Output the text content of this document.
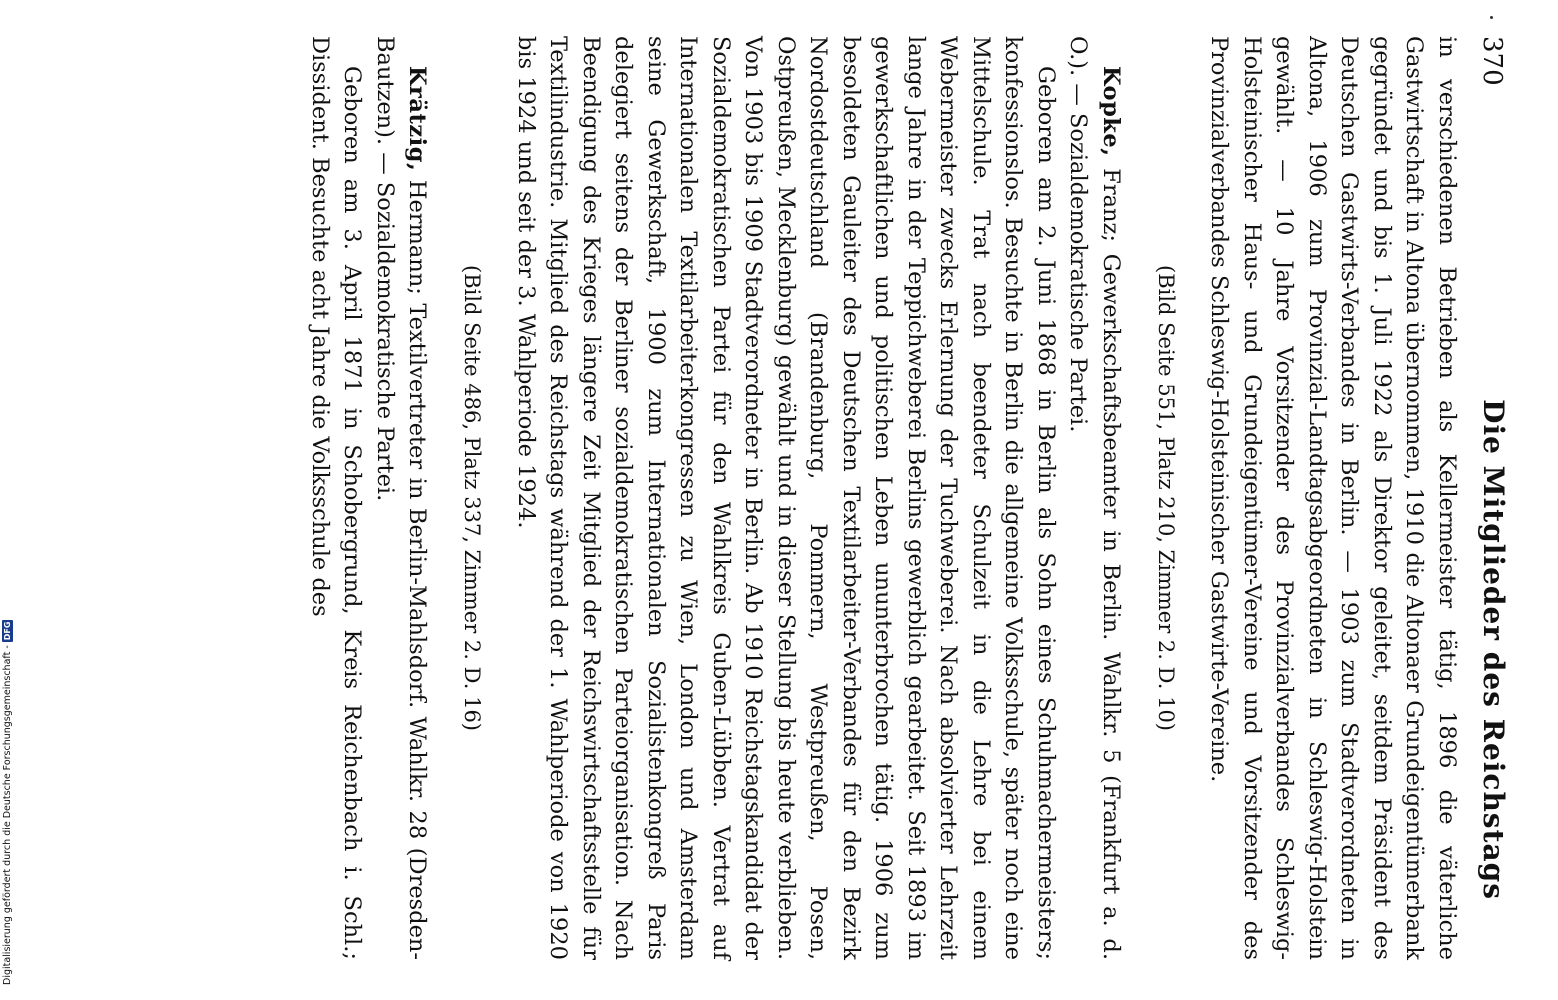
370
Die Mitglieder des Reichstags

in verschiedenen Betrieben als Kellermeister tätig, 1896 die väterliche Gastwirtschaft in Altona übernommen, 1910 die Altonaer Grundeigentümerbank gegründet und bis 1. Juli 1922 als Direktor geleitet, seitdem Präsident des Deutschen Gastwirts-Verbandes in Berlin. — 1903 zum Stadtverordneten in Altona, 1906 zum Provinzial-Landtagsabgeordneten in Schleswig-Holstein gewählt. — 10 Jahre Vorsitzender des Provinzialverbandes Schleswig-Holsteinischer Haus- und Grundeigentümer-Vereine und Vorsitzender des Provinzialverbandes Schleswig-Holsteinischer Gastwirte-Vereine.

(Bild Seite 551, Platz 210, Zimmer 2. D. 10)

Kopke, Franz; Gewerkschaftsbeamter in Berlin. Wahlkr. 5 (Frankfurt a. d. O.). — Sozialdemokratische Partei.

Geboren am 2. Juni 1868 in Berlin als Sohn eines Schuhmachermeisters; konfessionslos. Besuchte in Berlin die allgemeine Volksschule, später noch eine Mittelschule. Trat nach beendeter Schulzeit in die Lehre bei einem Webermeister zwecks Erlernung der Tuchweberei. Nach absolvierter Lehrzeit lange Jahre in der Teppichweberei Berlins gewerblich gearbeitet. Seit 1893 im gewerkschaftlichen und politischen Leben ununterbrochen tätig. 1906 zum besoldeten Gauleiter des Deutschen Textilarbeiter-Verbandes für den Bezirk Nordostdeutschland (Brandenburg, Pommern, Westpreußen, Posen, Ostpreußen, Mecklenburg) gewählt und in dieser Stellung bis heute verblieben. Von 1903 bis 1909 Stadtverordneter in Berlin. Ab 1910 Reichstagskandidat der Sozialdemokratischen Partei für den Wahlkreis Guben-Lübben. Vertrat auf Internationalen Textilarbeiterkongressen zu Wien, London und Amsterdam seine Gewerkschaft, 1900 zum Internationalen Sozialistenkongreß Paris delegiert seitens der Berliner sozialdemokratischen Parteiorganisation. Nach Beendigung des Krieges längere Zeit Mitglied der Reichswirtschaftsstelle für Textilindustrie. Mitglied des Reichstags während der 1. Wahlperiode von 1920 bis 1924 und seit der 3. Wahlperiode 1924.

(Bild Seite 486, Platz 337, Zimmer 2. D. 16)

Krätzig, Hermann; Textilvertreter in Berlin-Mahlsdorf. Wahlkr. 28 (Dresden-Bautzen). — Sozialdemokratische Partei.

Geboren am 3. April 1871 in Schobergrund, Kreis Reichenbach i. Schl.; Dissident. Besuchte acht Jahre die Volksschule des

Digitalisierung gefördert durch die Deutsche Forschungsgemeinschaft -
DFG
